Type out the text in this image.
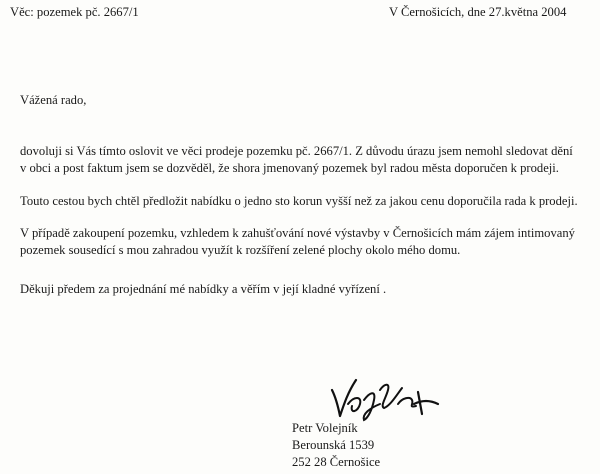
Věc: pozemek pč. 2667/1	V Černošicích, dne 27.května 2004
Vážená rado,
dovoluji si Vás tímto oslovit ve věci prodeje pozemku pč. 2667/1. Z důvodu úrazu jsem nemohl sledovat dění
v obci a post faktum jsem se dozvěděl, že shora jmenovaný pozemek byl radou města doporučen k prodeji.
Touto cestou bych chtěl předložit nabídku o jedno sto korun vyšší než za jakou cenu doporučila rada k prodeji.
V případě zakoupení pozemku, vzhledem k zahušťování nové výstavby v Černošicích mám zájem intimovaný
pozemek sousedící s mou zahradou využít k rozšíření zelené plochy okolo mého domu.
Děkuji předem za projednání mé nabídky a věřím v její kladné vyřízení .
Petr Volejník
Berounská 1539
252 28 Černošice
